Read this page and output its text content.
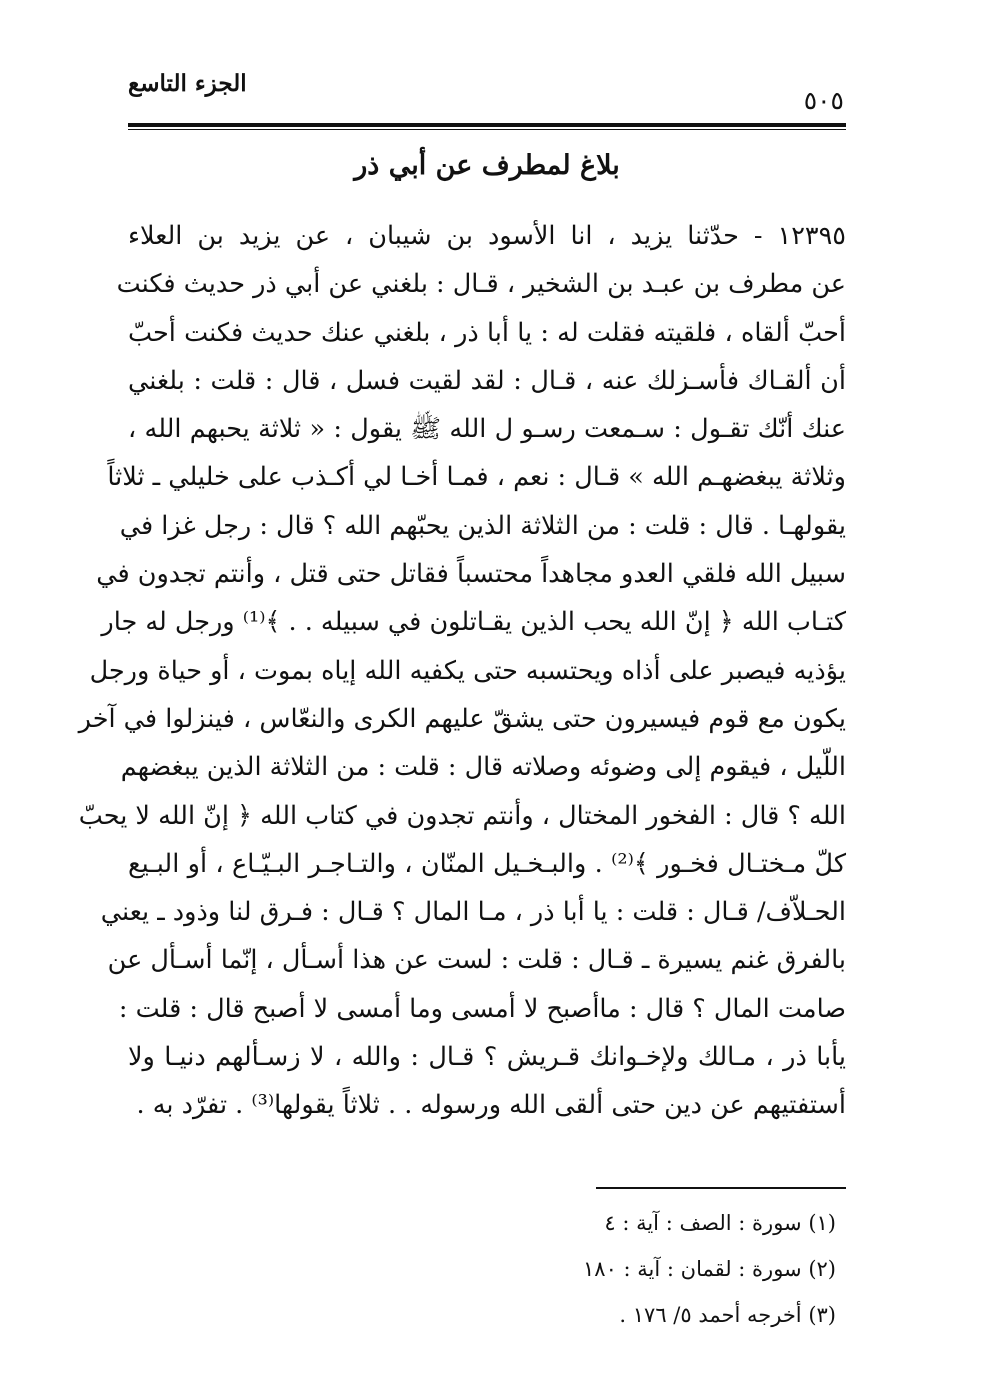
الجزء التاسع
٥٠٥
بلاغ لمطرف عن أبي ذر
١٢٣٩٥ - حدّثنا يزيد ، انا الأسود بن شيبان ، عن يزيد بن العلاء
عن مطرف بن عبـد بن الشخير ، قـال : بلغني عن أبي ذر حديث فكنت
أحبّ ألقاه ، فلقيته فقلت له : يا أبا ذر ، بلغني عنك حديث فكنت أحبّ
أن ألقـاك فأسـزلك عنه ، قـال : لقد لقيت فسل ، قال : قلت : بلغني
عنك أنّك تقـول : سـمعت رسـو ل الله ﷺ يقول : « ثلاثة يحبهم الله ،
وثلاثة يبغضهـم الله » قـال : نعم ، فمـا أخـا لي أكـذب على خليلي ـ ثلاثاً
يقولهـا . قال : قلت : من الثلاثة الذين يحبّهم الله ؟ قال : رجل غزا في
سبيل الله فلقي العدو مجاهداً محتسباً فقاتل حتى قتل ، وأنتم تجدون في
كتـاب الله ﴿ إنّ الله يحب الذين يقـاتلون في سبيله . . ﴾⁽¹⁾ ورجل له جار
يؤذيه فيصبر على أذاه ويحتسبه حتى يكفيه الله إياه بموت ، أو حياة ورجل
يكون مع قوم فيسيرون حتى يشقّ عليهم الكرى والنعّاس ، فينزلوا في آخر
اللّيل ، فيقوم إلى وضوئه وصلاته قال : قلت : من الثلاثة الذين يبغضهم
الله ؟ قال : الفخور المختال ، وأنتم تجدون في كتاب الله ﴿ إنّ الله لا يحبّ
كلّ مـختـال فخـور ﴾⁽²⁾ . والبـخـيل المنّان ، والتـاجـر البـيّـاع ، أو البـيع
الحـلاّف/ قـال : قلت : يا أبا ذر ، مـا المال ؟ قـال : فـرق لنا وذود ـ يعني
بالفرق غنم يسيرة ـ قـال : قلت : لست عن هذا أسـأل ، إنّما أسـأل عن
صامت المال ؟ قال : ماأصبح لا أمسى وما أمسى لا أصبح قال : قلت :
يأبا ذر ، مـالك ولإخـوانك قـريش ؟ قـال : والله ، لا زسـألهم دنيـا ولا
أستفتيهم عن دين حتى ألقى الله ورسوله . . ثلاثاً يقولها⁽³⁾ . تفرّد به .
(١) سورة : الصف : آية : ٤
(٢) سورة : لقمان : آية : ١٨٠
(٣) أخرجه أحمد ٥/ ١٧٦ .
